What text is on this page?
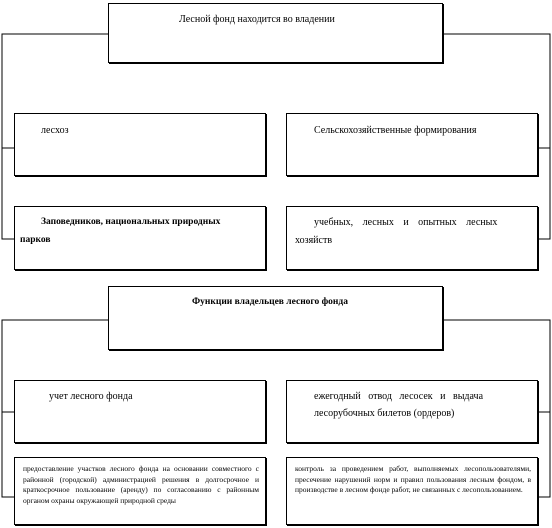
Лесной фонд находится во владении
лесхоз	Сельскохозяйственные формирования
Заповедников, национальных природных
парков
учебных, лесных и опытных лесных
хозяйств
Функции владельцев лесного фонда
учет лесного фонда	ежегодный отвод лесосек и выдача
лесорубочных билетов (ордеров)
предоставление участков лесного фонда на основании совместного с районной (городской) администрацией решения в долгосрочное и краткосрочное пользование (аренду) по согласованию с районным органом охраны окружающей природной среды
контроль за проведением работ, выполняемых лесопользователями, пресечение нарушений норм и правил пользования лесным фондом, в производстве в лесном фонде работ, не связанных с лесопользованием.
